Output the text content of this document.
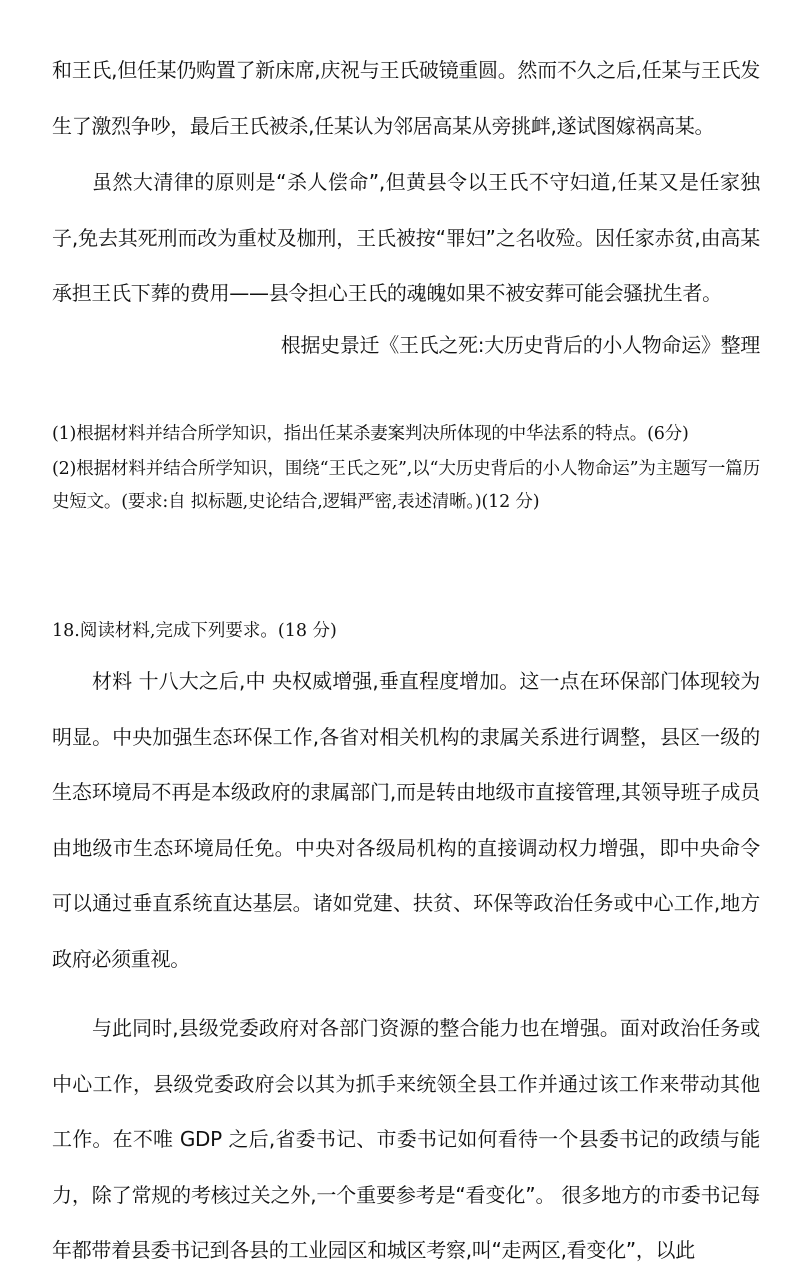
和王氏,但任某仍购置了新床席,庆祝与王氏破镜重圆。然而不久之后,任某与王氏发生了激烈争吵，最后王氏被杀,任某认为邻居高某从旁挑衅,遂试图嫁祸高某。

虽然大清律的原则是“杀人偿命”,但黄县令以王氏不守妇道,任某又是任家独子,免去其死刑而改为重杖及枷刑，王氏被按“罪妇”之名收殓。因任家赤贫,由高某承担王氏下葬的费用——县令担心王氏的魂魄如果不被安葬可能会骚扰生者。

根据史景迁《王氏之死:大历史背后的小人物命运》整理

(1)根据材料并结合所学知识，指出任某杀妻案判决所体现的中华法系的特点。(6分)

(2)根据材料并结合所学知识，围绕“王氏之死”,以“大历史背后的小人物命运”为主题写一篇历史短文。(要求:自 拟标题,史论结合,逻辑严密,表述清晰。)(12 分)

18.阅读材料,完成下列要求。(18 分)

材料 十八大之后,中 央权威增强,垂直程度增加。这一点在环保部门体现较为明显。中央加强生态环保工作,各省对相关机构的隶属关系进行调整，县区一级的生态环境局不再是本级政府的隶属部门,而是转由地级市直接管理,其领导班子成员由地级市生态环境局任免。中央对各级局机构的直接调动权力增强，即中央命令可以通过垂直系统直达基层。诸如党建、扶贫、环保等政治任务或中心工作,地方政府必须重视。

与此同时,县级党委政府对各部门资源的整合能力也在增强。面对政治任务或中心工作，县级党委政府会以其为抓手来统领全县工作并通过该工作来带动其他工作。在不唯 GDP 之后,省委书记、市委书记如何看待一个县委书记的政绩与能力，除了常规的考核过关之外,一个重要参考是“看变化”。 很多地方的市委书记每年都带着县委书记到各县的工业园区和城区考察,叫“走两区,看变化”，以此
